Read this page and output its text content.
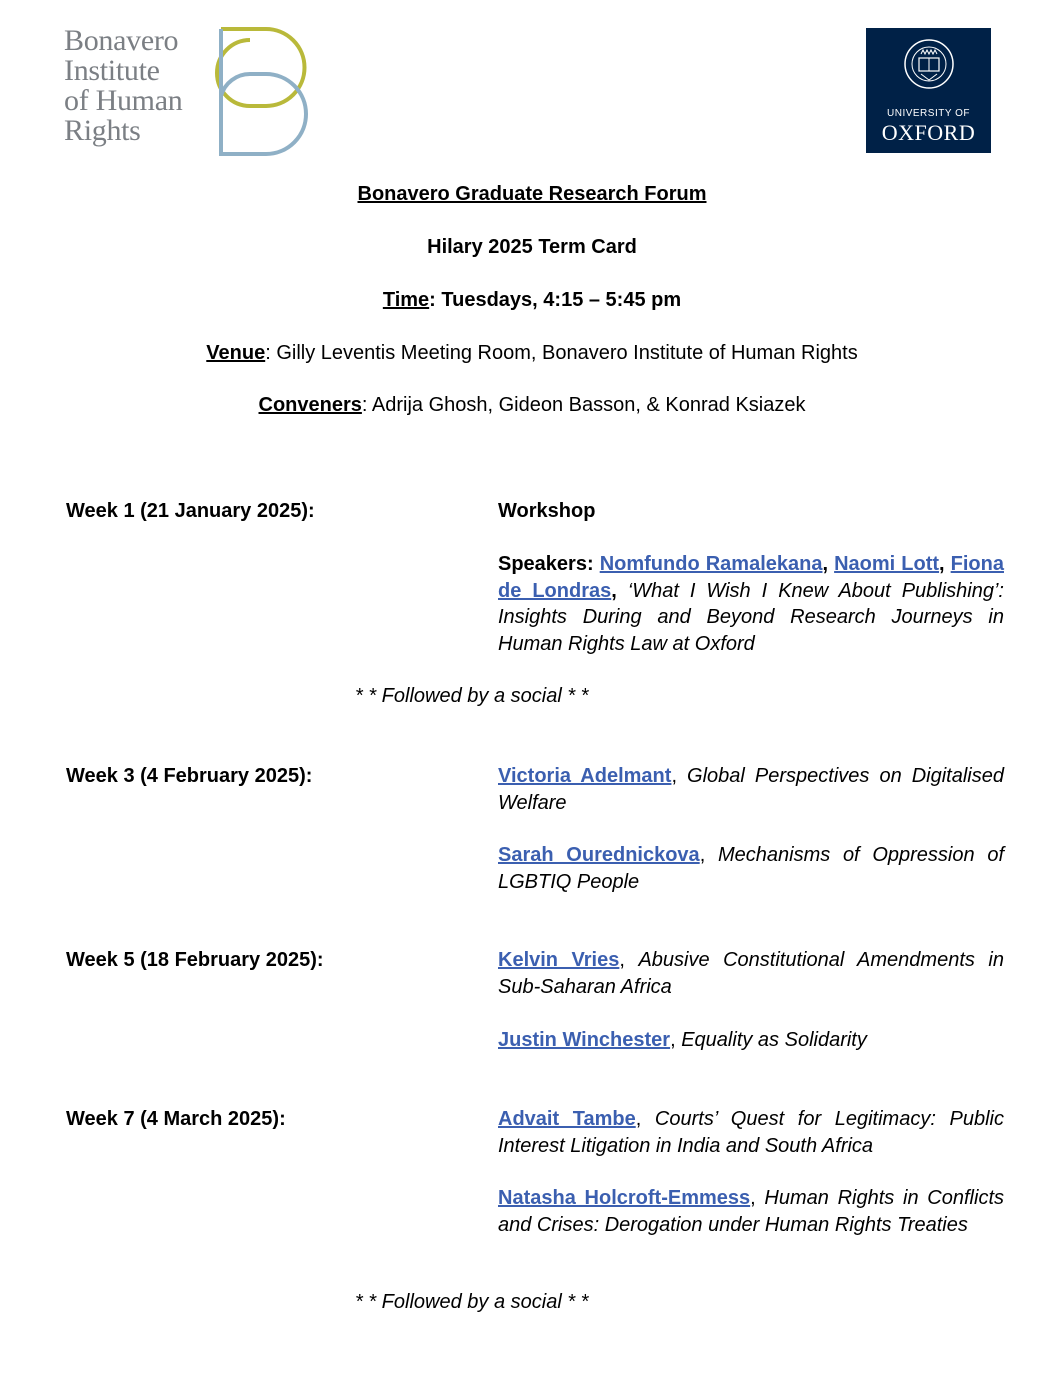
Bonavero
Institute
of Human
Rights
UNIVERSITY OF
OXFORD
Bonavero Graduate Research Forum
Hilary 2025 Term Card
Time: Tuesdays, 4:15 – 5:45 pm
Venue: Gilly Leventis Meeting Room, Bonavero Institute of Human Rights
Conveners: Adrija Ghosh, Gideon Basson, & Konrad Ksiazek
Week 1 (21 January 2025):	Workshop
Speakers: Nomfundo Ramalekana, Naomi Lott, Fiona de Londras, ‘What I Wish I Knew About Publishing’: Insights During and Beyond Research Journeys in Human Rights Law at Oxford
* * Followed by a social * *
Week 3 (4 February 2025):	Victoria Adelmant, Global Perspectives on Digitalised Welfare
Sarah Ourednickova, Mechanisms of Oppression of LGBTIQ People
Week 5 (18 February 2025):	Kelvin Vries, Abusive Constitutional Amendments in Sub-Saharan Africa
Justin Winchester, Equality as Solidarity
Week 7 (4 March 2025):	Advait Tambe, Courts’ Quest for Legitimacy: Public Interest Litigation in India and South Africa
Natasha Holcroft-Emmess, Human Rights in Conflicts and Crises: Derogation under Human Rights Treaties
* * Followed by a social * *
